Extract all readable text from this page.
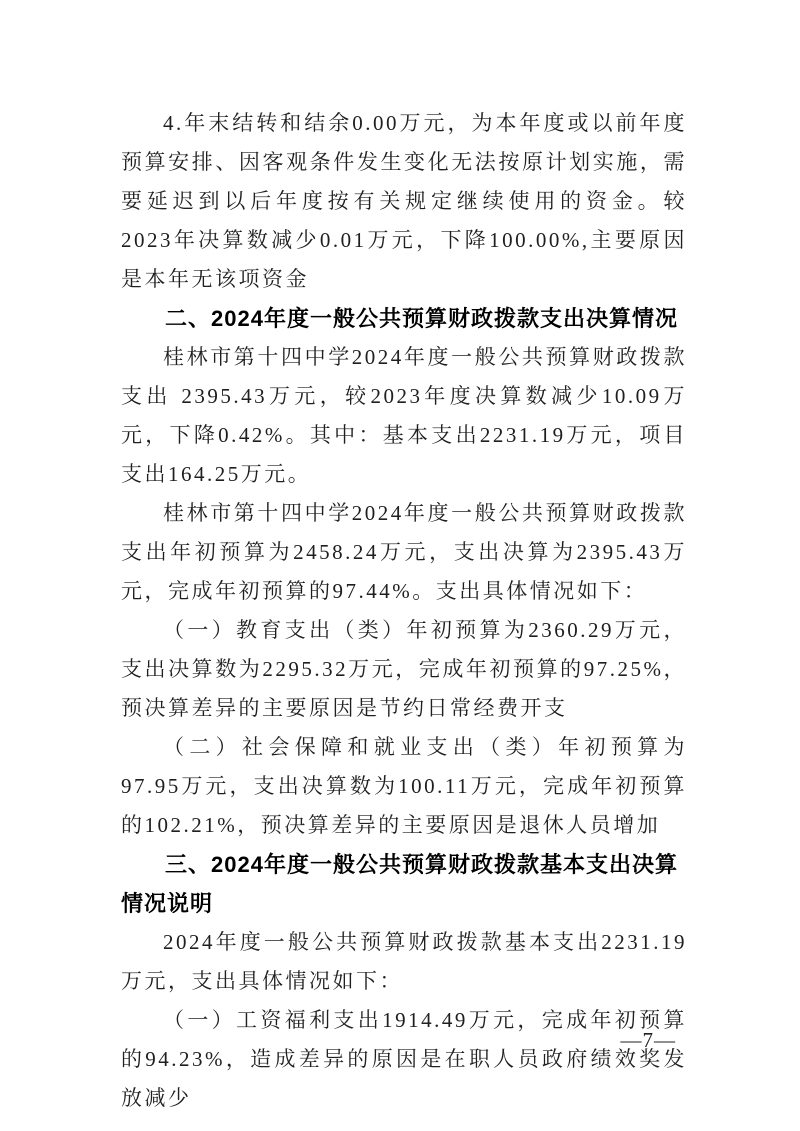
4.年末结转和结余0.00万元，为本年度或以前年度预算安排、因客观条件发生变化无法按原计划实施，需要延迟到以后年度按有关规定继续使用的资金。较2023年决算数减少0.01万元，下降100.00%,主要原因是本年无该项资金

二、2024年度一般公共预算财政拨款支出决算情况

桂林市第十四中学2024年度一般公共预算财政拨款支出 2395.43万元，较2023年度决算数减少10.09万元，下降0.42%。其中：基本支出2231.19万元，项目支出164.25万元。

桂林市第十四中学2024年度一般公共预算财政拨款支出年初预算为2458.24万元，支出决算为2395.43万元，完成年初预算的97.44%。支出具体情况如下：

（一）教育支出（类）年初预算为2360.29万元，支出决算数为2295.32万元，完成年初预算的97.25%，预决算差异的主要原因是节约日常经费开支

（二）社会保障和就业支出（类）年初预算为97.95万元，支出决算数为100.11万元，完成年初预算的102.21%，预决算差异的主要原因是退休人员增加

三、2024年度一般公共预算财政拨款基本支出决算情况说明

2024年度一般公共预算财政拨款基本支出2231.19万元，支出具体情况如下：

（一）工资福利支出1914.49万元，完成年初预算的94.23%，造成差异的原因是在职人员政府绩效奖发放减少

—7—
